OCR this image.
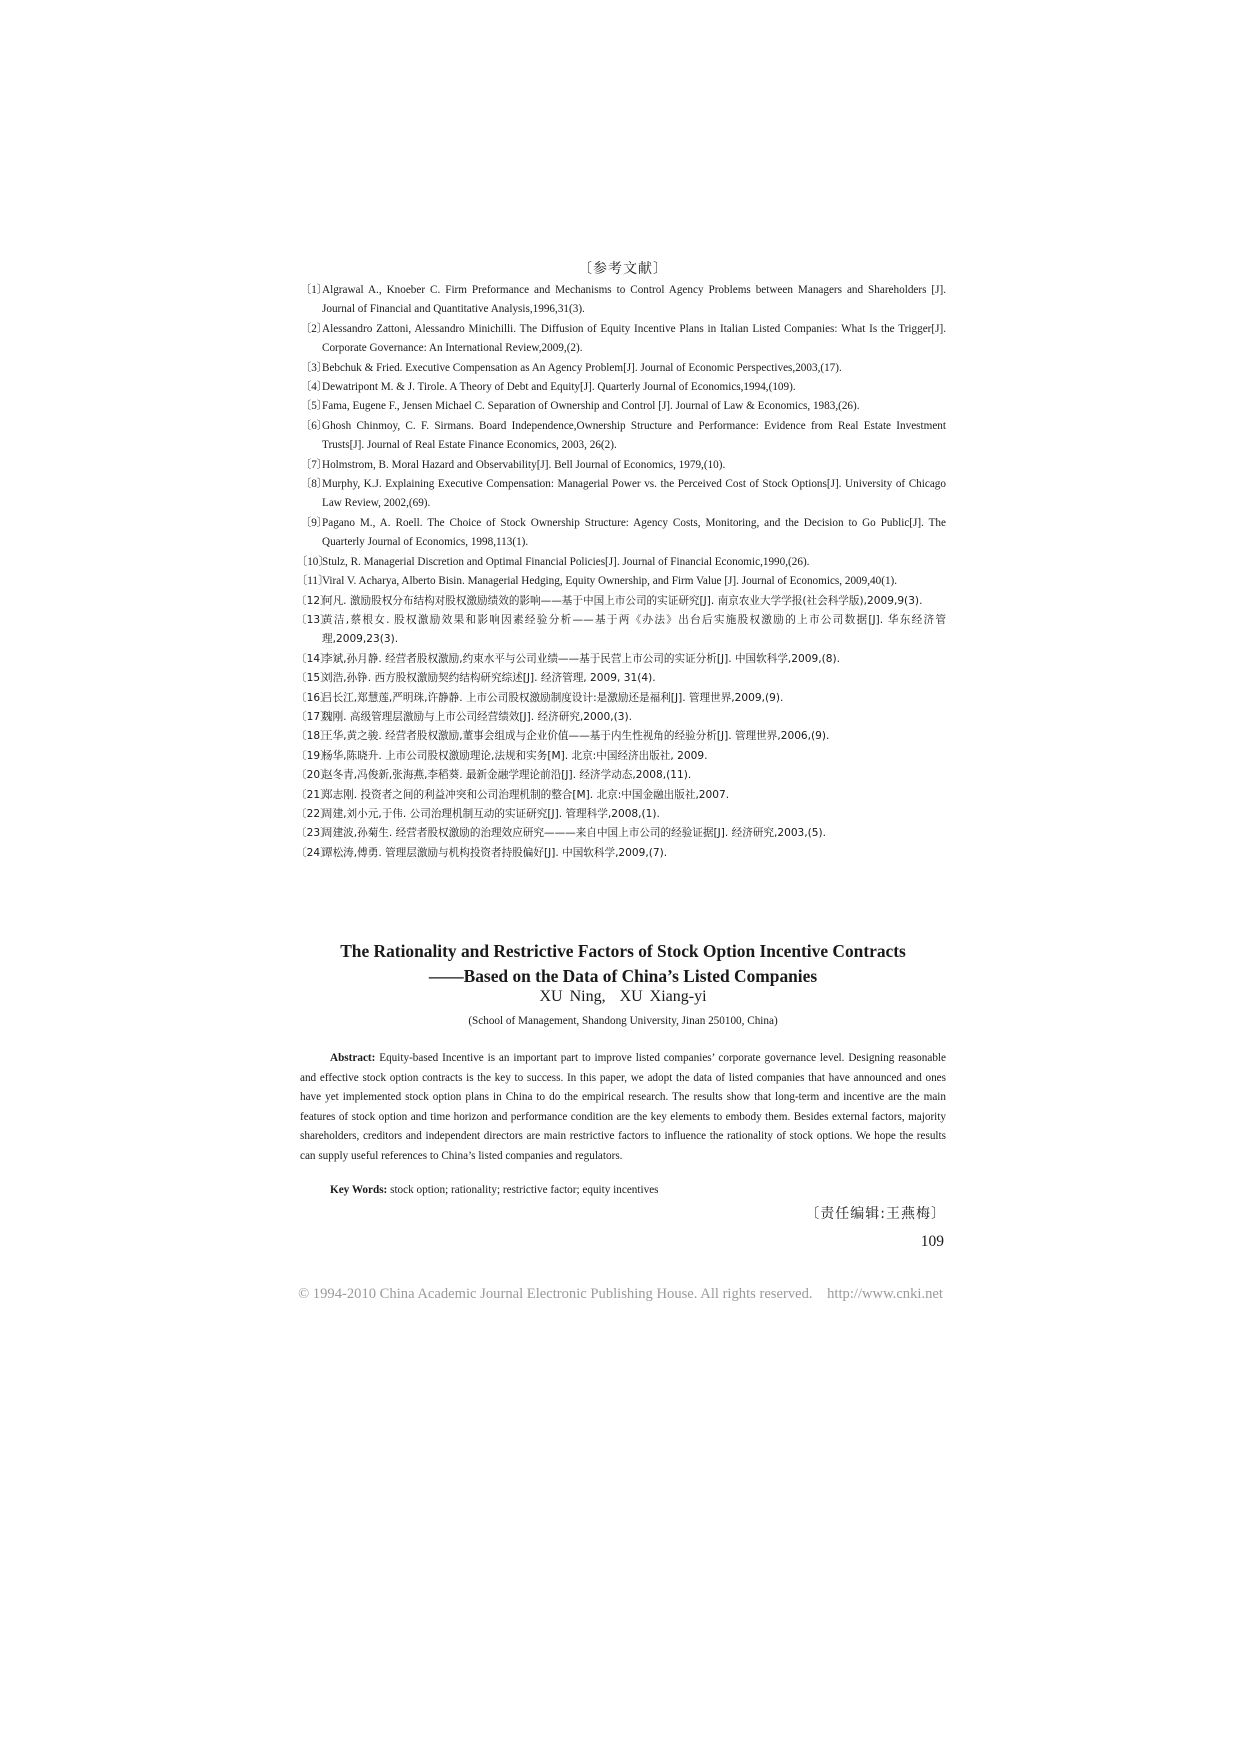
〔参考文献〕
〔1〕
Algrawal A., Knoeber C. Firm Preformance and Mechanisms to Control Agency Problems between Managers and Shareholders [J]. Journal of Financial and Quantitative Analysis,1996,31(3).
〔2〕
Alessandro Zattoni, Alessandro Minichilli. The Diffusion of Equity Incentive Plans in Italian Listed Companies: What Is the Trigger[J]. Corporate Governance: An International Review,2009,(2).
〔3〕
Bebchuk & Fried. Executive Compensation as An Agency Problem[J]. Journal of Economic Perspectives,2003,(17).
〔4〕
Dewatripont M. & J. Tirole. A Theory of Debt and Equity[J]. Quarterly Journal of Economics,1994,(109).
〔5〕
Fama, Eugene F., Jensen Michael C. Separation of Ownership and Control [J]. Journal of Law & Economics, 1983,(26).
〔6〕
Ghosh Chinmoy, C. F. Sirmans. Board Independence,Ownership Structure and Performance: Evidence from Real Estate Investment Trusts[J]. Journal of Real Estate Finance Economics, 2003, 26(2).
〔7〕
Holmstrom, B. Moral Hazard and Observability[J]. Bell Journal of Economics, 1979,(10).
〔8〕
Murphy, K.J. Explaining Executive Compensation: Managerial Power vs. the Perceived Cost of Stock Options[J]. University of Chicago Law Review, 2002,(69).
〔9〕
Pagano M., A. Roell. The Choice of Stock Ownership Structure: Agency Costs, Monitoring, and the Decision to Go Public[J]. The Quarterly Journal of Economics, 1998,113(1).
〔10〕
Stulz, R. Managerial Discretion and Optimal Financial Policies[J]. Journal of Financial Economic,1990,(26).
〔11〕
Viral V. Acharya, Alberto Bisin. Managerial Hedging, Equity Ownership, and Firm Value [J]. Journal of Economics, 2009,40(1).
〔12〕
何凡. 激励股权分布结构对股权激励绩效的影响——基于中国上市公司的实证研究[J]. 南京农业大学学报(社会科学版),2009,9(3).
〔13〕
黄洁,蔡根女. 股权激励效果和影响因素经验分析——基于两《办法》出台后实施股权激励的上市公司数据[J]. 华东经济管理,2009,23(3).
〔14〕
李斌,孙月静. 经营者股权激励,约束水平与公司业绩——基于民营上市公司的实证分析[J]. 中国软科学,2009,(8).
〔15〕
刘浩,孙铮. 西方股权激励契约结构研究综述[J]. 经济管理, 2009, 31(4).
〔16〕
吕长江,郑慧莲,严明珠,许静静. 上市公司股权激励制度设计:是激励还是福利[J]. 管理世界,2009,(9).
〔17〕
魏刚. 高级管理层激励与上市公司经营绩效[J]. 经济研究,2000,(3).
〔18〕
王华,黄之骏. 经营者股权激励,董事会组成与企业价值——基于内生性视角的经验分析[J]. 管理世界,2006,(9).
〔19〕
杨华,陈晓升. 上市公司股权激励理论,法规和实务[M]. 北京:中国经济出版社, 2009.
〔20〕
赵冬青,冯俊新,张海燕,李稻葵. 最新金融学理论前沿[J]. 经济学动态,2008,(11).
〔21〕
郑志刚. 投资者之间的利益冲突和公司治理机制的整合[M]. 北京:中国金融出版社,2007.
〔22〕
周建,刘小元,于伟. 公司治理机制互动的实证研究[J]. 管理科学,2008,(1).
〔23〕
周建波,孙菊生. 经营者股权激励的治理效应研究———来自中国上市公司的经验证据[J]. 经济研究,2003,(5).
〔24〕
谭松涛,傅勇. 管理层激励与机构投资者持股偏好[J]. 中国软科学,2009,(7).
The Rationality and Restrictive Factors of Stock Option Incentive Contracts
——Based on the Data of China’s Listed Companies
XU Ning,  XU Xiang-yi
(School of Management, Shandong University, Jinan 250100, China)

Abstract: Equity-based Incentive is an important part to improve listed companies’ corporate governance level. Designing reasonable and effective stock option contracts is the key to success. In this paper, we adopt the data of listed companies that have announced and ones have yet implemented stock option plans in China to do the empirical research. The results show that long-term and incentive are the main features of stock option and time horizon and performance condition are the key elements to embody them. Besides external factors, majority shareholders, creditors and independent directors are main restrictive factors to influence the rationality of stock options. We hope the results can supply useful references to China’s listed companies and regulators.

Key Words: stock option; rationality; restrictive factor; equity incentives
〔责任编辑:王燕梅〕
109
© 1994-2010 China Academic Journal Electronic Publishing House. All rights reserved.    http://www.cnki.net
